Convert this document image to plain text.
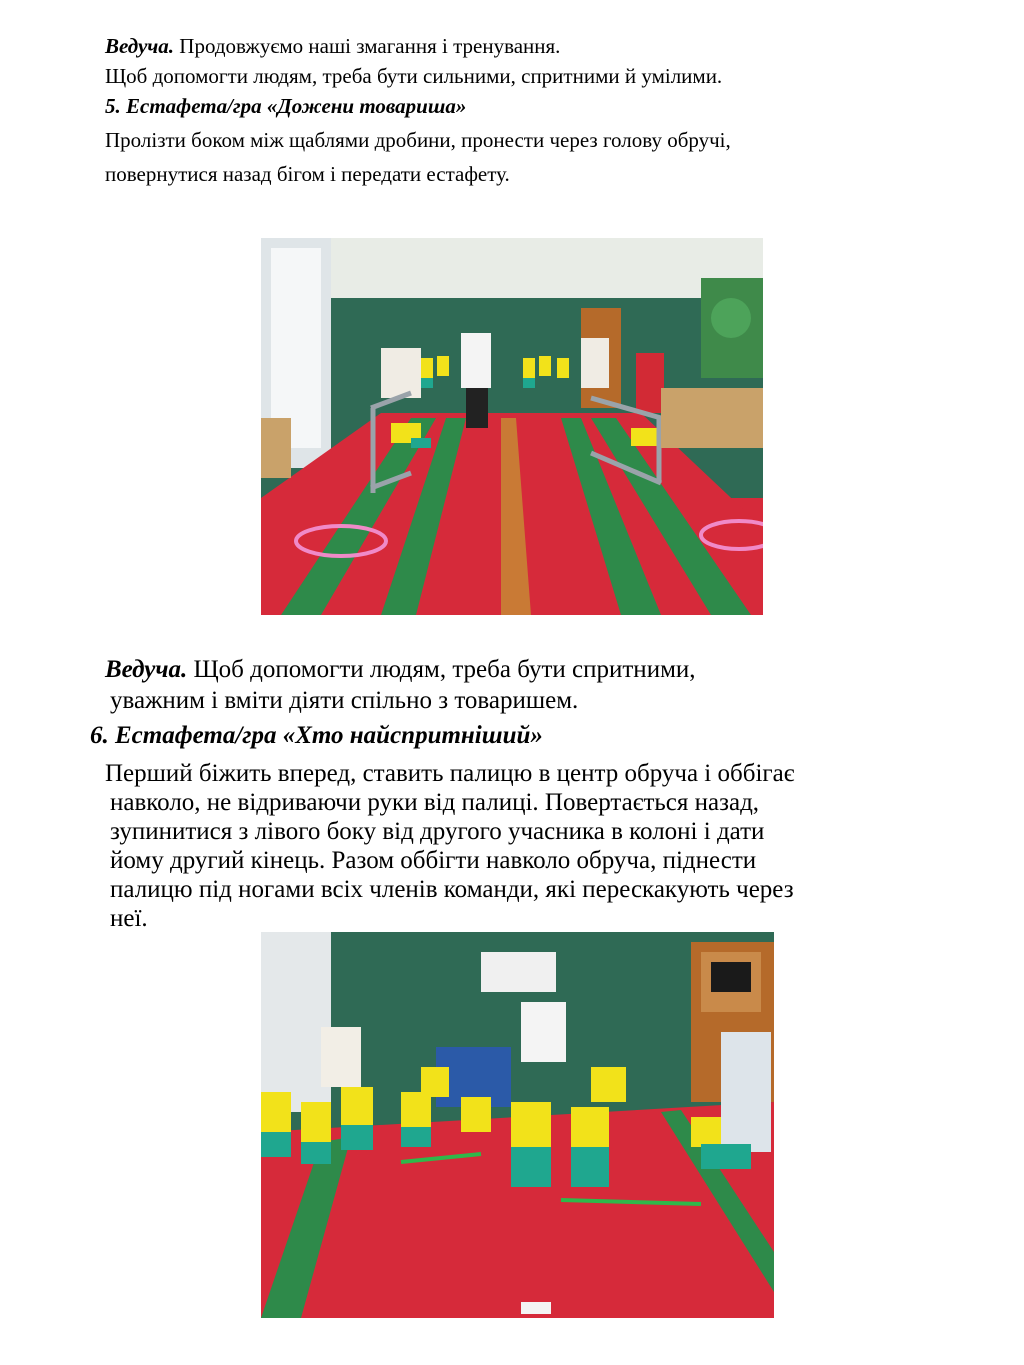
Ведуча. Продовжуємо наші змагання і тренування.
Щоб допомогти людям, треба бути сильними, спритними й умілими.
5. Естафета/гра «Дожени товариша»
Пролізти боком між щаблями дробини, пронести через голову обручі,
повернутися назад бігом і передати естафету.
Ведуча. Щоб допомогти людям, треба бути спритними,
уважним і вміти діяти спільно з товаришем.
6. Естафета/гра «Хто найспритніший»
Перший біжить вперед, ставить палицю в центр обруча і оббігає
навколо, не відриваючи руки від палиці. Повертається назад,
зупинитися з лівого боку від другого учасника в колоні і дати
йому другий кінець. Разом оббігти навколо обруча, піднести
палицю під ногами всіх членів команди, які перескакують через
неї.
